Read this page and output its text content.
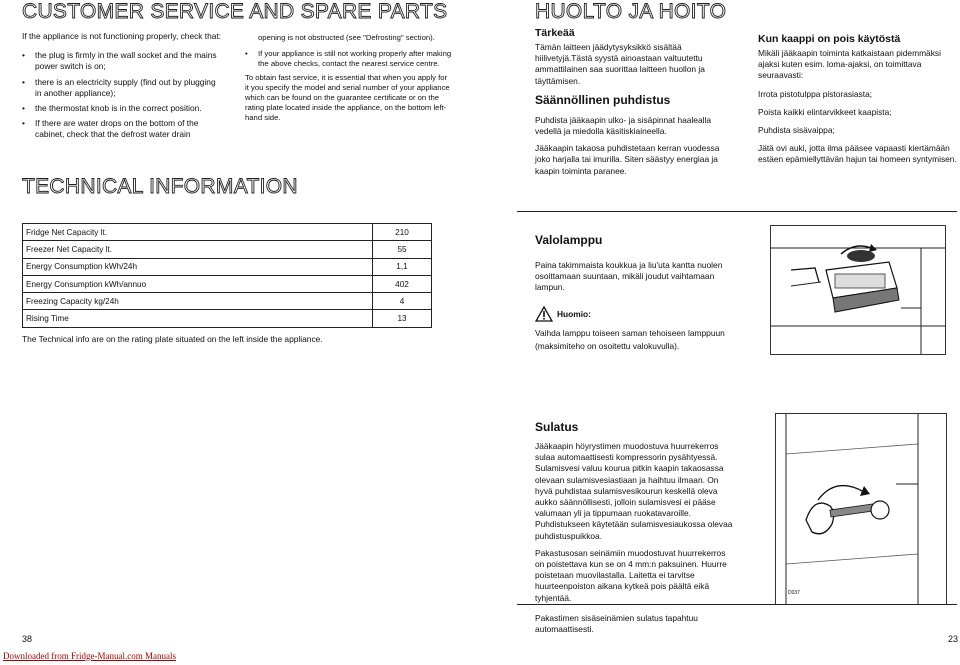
CUSTOMER SERVICE AND SPARE PARTS

If the appliance is not functioning properly, check that:

• the plug is firmly in the wall socket and the mains power switch is on;
• there is an electricity supply (find out by plugging in another appliance);
• the thermostat knob is in the correct position.
• If there are water drops on the bottom of the cabinet, check that the defrost water drain

opening is not obstructed (see "Defrosting" section).

• If your appliance is still not working properly after making the above checks, contact the nearest service centre.

To obtain fast service, it is essential that when you apply for it you specify the model and serial number of your appliance which can be found on the guarantee certificate or on the rating plate located inside the appliance, on the bottom left-hand side.

TECHNICAL INFORMATION
Fridge Net Capacity lt.	210
Freezer Net Capacity lt.	55
Energy Consumption kWh/24h	1,1
Energy Consumption kWh/annuo	402
Freezing Capacity kg/24h	4
Rising Time	13

The Technical info are on the rating plate situated on the left inside the appliance.

38
Downloaded from Fridge-Manual.com Manuals
HUOLTO JA HOITO

Tärkeää

Tämän laitteen jäädytysyksikkö sisältää hiilivetyjä.Tästä syystä ainoastaan valtuutettu ammattilainen saa suorittaa laitteen huollon ja täyttämisen.

Säännöllinen puhdistus

Puhdista jääkaapin ulko- ja sisäpinnat haalealla vedellä ja miedolla käsitiskiaineella.

Jääkaapin takaosa puhdistetaan kerran vuodessa joko harjalla tai imurilla. Siten säästyy energiaa ja kaapin toiminta paranee.

Kun kaappi on pois käytöstä

Mikäli jääkaapin toiminta katkaistaan pidemmäksi ajaksi kuten esim. loma-ajaksi, on toimittava seuraavasti:

Irrota pistotulppa pistorasiasta;

Poista kaikki elintarvikkeet kaapista;

Puhdista sisävaippa;

Jätä ovi auki, jotta ilma pääsee vapaasti kiertämään estäen epämiellyttävän hajun tai homeen syntymisen.

Valolamppu

Paina takimmaista koukkua ja liu'uta kantta nuolen osoittamaan suuntaan, mikäli joudut vaihtamaan lampun.

Huomio:

Vaihda lamppu toiseen saman tehoiseen lamppuun

(maksimiteho on osoitettu valokuvulla).

Sulatus

Jääkaapin höyrystimen muodostuva huurrekerros sulaa automaattisesti kompressorin pysähtyessä. Sulamisvesi valuu kourua pitkin kaapin takaosassa olevaan sulamisvesiastiaan ja haihtuu ilmaan. On hyvä puhdistaa sulamisvesikourun keskellä oleva aukko säännöllisesti, jolloin sulamisvesi ei pääse valumaan yli ja tippumaan ruokatavaroille. Puhdistukseen käytetään sulamisvesiaukossa olevaa puhdistuspuikkoa.

Pakastusosan seinämiin muodostuvat huurrekerros on poistettava kun se on 4 mm:n paksuinen. Huurre poistetaan muovilastalla. Laitetta ei tarvitse huurteenpoiston aikana kytkeä pois päältä eikä tyhjentää.	D037

Pakastimen sisäseinämien sulatus tapahtuu automaattisesti.

23
